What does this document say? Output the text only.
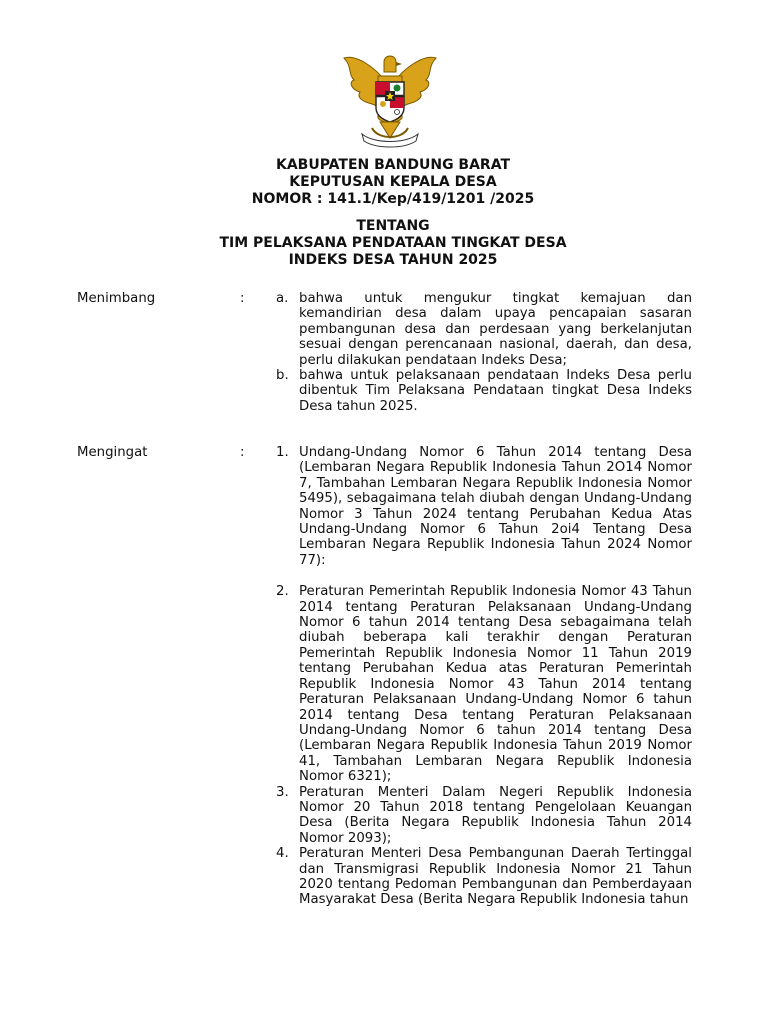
KABUPATEN BANDUNG BARAT
KEPUTUSAN KEPALA DESA
NOMOR : 141.1/Kep/419/1201 /2025
TENTANG
TIM PELAKSANA PENDATAAN TINGKAT DESA
INDEKS DESA TAHUN 2025
Menimbang	: a. bahwa untuk mengukur tingkat kemajuan dan kemandirian desa dalam upaya pencapaian sasaran pembangunan desa dan perdesaan yang berkelanjutan sesuai dengan perencanaan nasional, daerah, dan desa, perlu dilakukan pendataan Indeks Desa;
b. bahwa untuk pelaksanaan pendataan Indeks Desa perlu dibentuk Tim Pelaksana Pendataan tingkat Desa Indeks Desa tahun 2025.
Mengingat	: 1. Undang-Undang Nomor 6 Tahun 2014 tentang Desa (Lembaran Negara Republik Indonesia Tahun 2O14 Nomor 7, Tambahan Lembaran Negara Republik Indonesia Nomor 5495), sebagaimana telah diubah dengan Undang-Undang Nomor 3 Tahun 2024 tentang Perubahan Kedua Atas Undang-Undang Nomor 6 Tahun 2oi4 Tentang Desa Lembaran Negara Republik Indonesia Tahun 2024 Nomor 77):
2. Peraturan Pemerintah Republik Indonesia Nomor 43 Tahun 2014 tentang Peraturan Pelaksanaan Undang-Undang Nomor 6 tahun 2014 tentang Desa sebagaimana telah diubah beberapa kali terakhir dengan Peraturan Pemerintah Republik Indonesia Nomor 11 Tahun 2019 tentang Perubahan Kedua atas Peraturan Pemerintah Republik Indonesia Nomor 43 Tahun 2014 tentang Peraturan Pelaksanaan Undang-Undang Nomor 6 tahun 2014 tentang Desa tentang Peraturan Pelaksanaan Undang-Undang Nomor 6 tahun 2014 tentang Desa (Lembaran Negara Republik Indonesia Tahun 2019 Nomor 41, Tambahan Lembaran Negara Republik Indonesia Nomor 6321);
3. Peraturan Menteri Dalam Negeri Republik Indonesia Nomor 20 Tahun 2018 tentang Pengelolaan Keuangan Desa (Berita Negara Republik Indonesia Tahun 2014 Nomor 2093);
4. Peraturan Menteri Desa Pembangunan Daerah Tertinggal dan Transmigrasi Republik Indonesia Nomor 21 Tahun 2020 tentang Pedoman Pembangunan dan Pemberdayaan Masyarakat Desa (Berita Negara Republik Indonesia tahun
